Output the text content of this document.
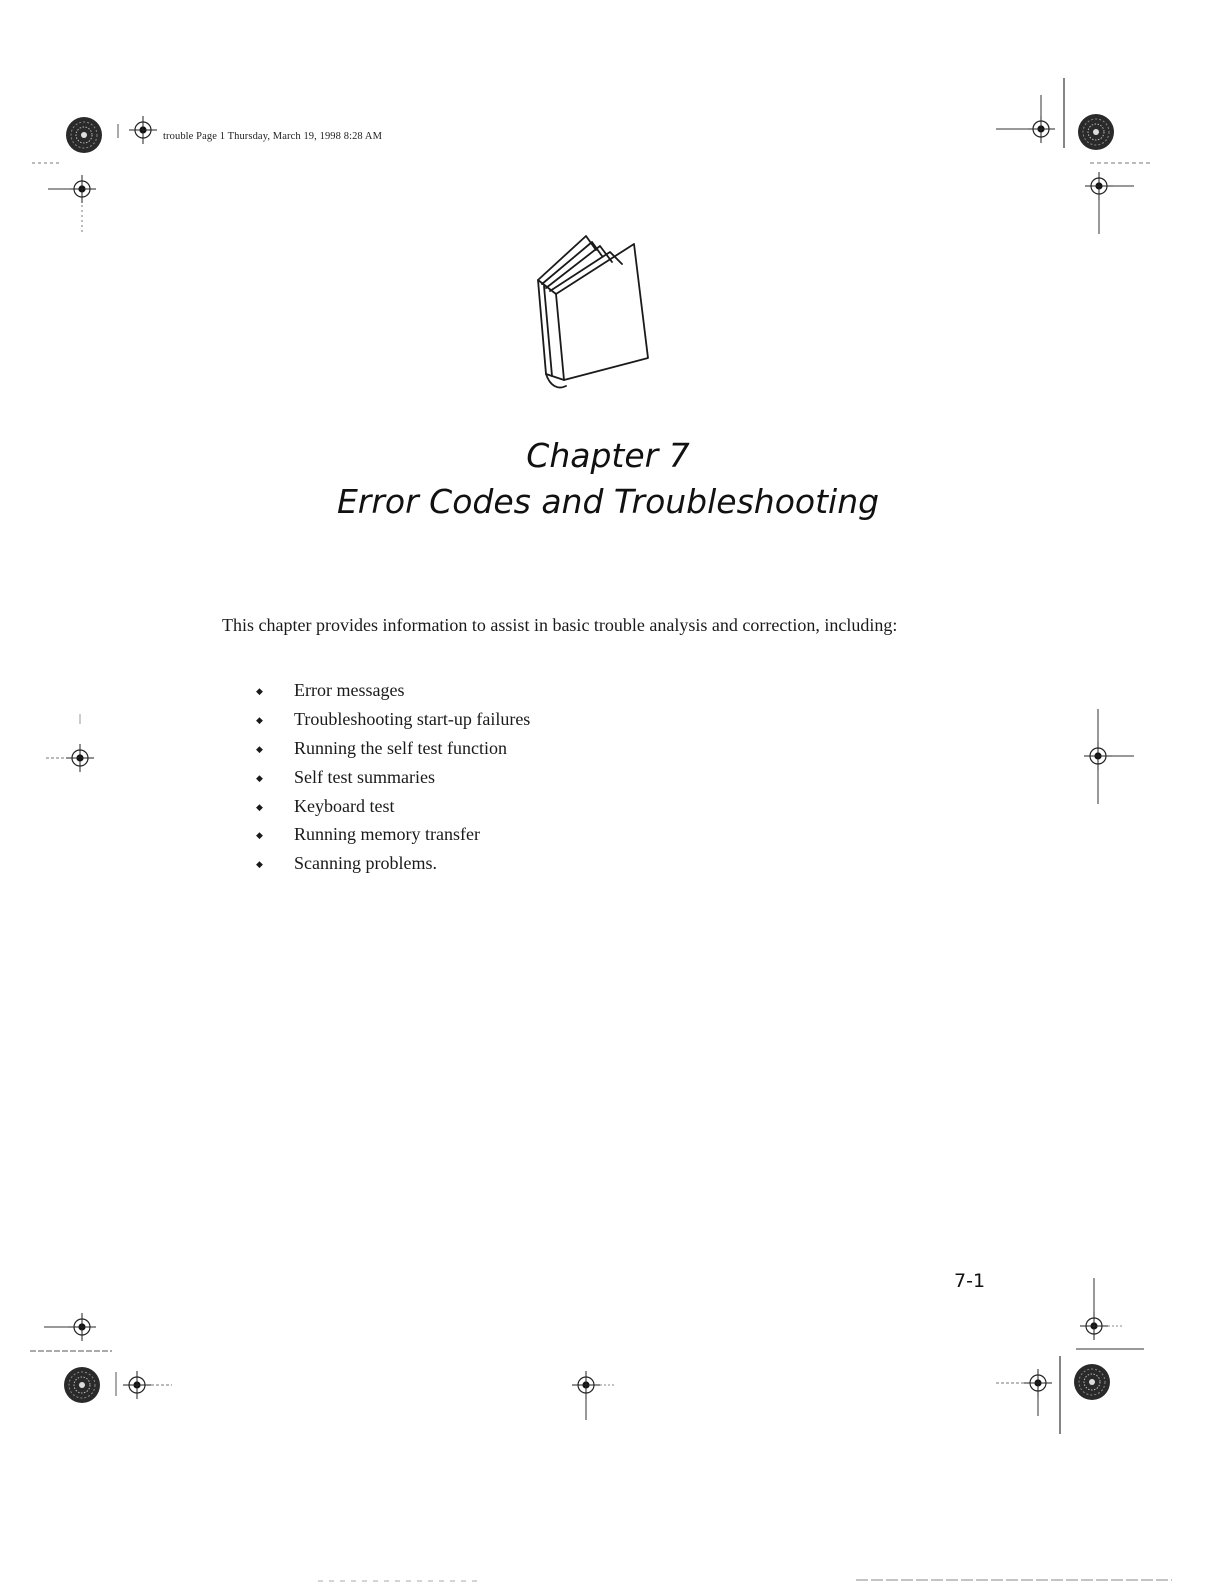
trouble Page 1 Thursday, March 19, 1998 8:28 AM
Chapter 7
Error Codes and Troubleshooting

This chapter provides information to assist in basic trouble analysis and correction, including:

◆ Error messages
◆ Troubleshooting start-up failures
◆ Running the self test function
◆ Self test summaries
◆ Keyboard test
◆ Running memory transfer
◆ Scanning problems.
7-1
